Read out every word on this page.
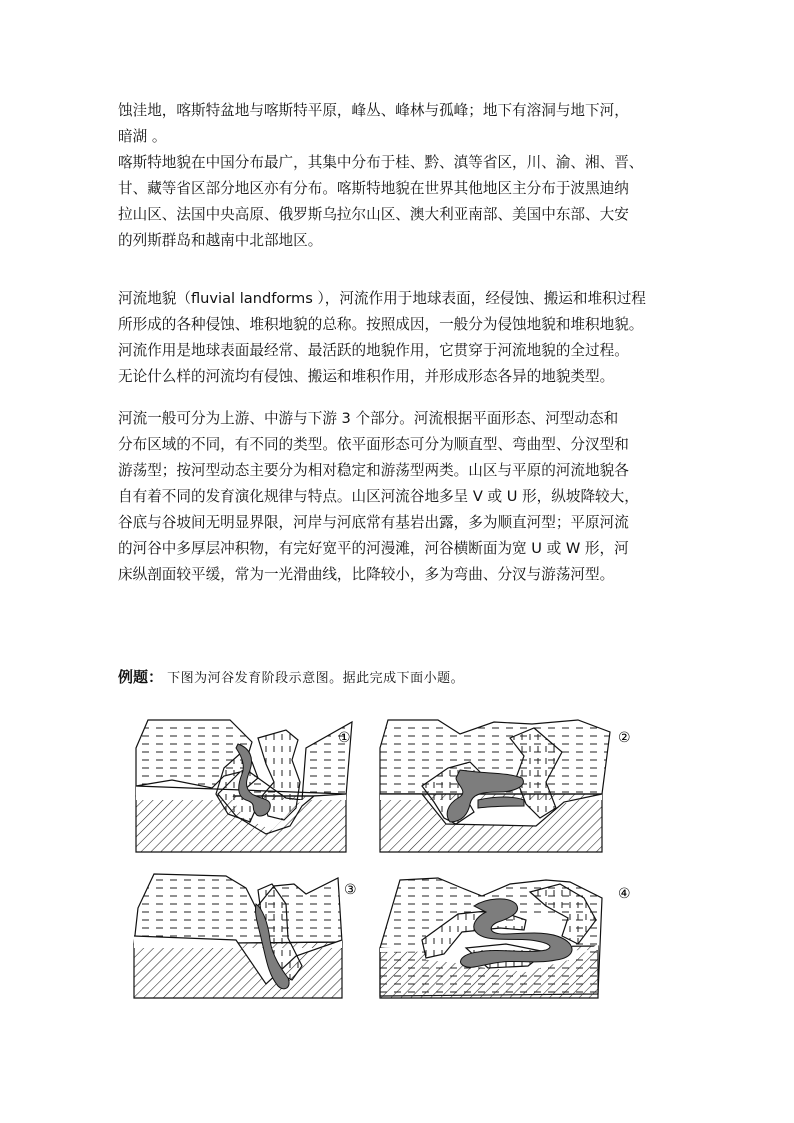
蚀洼地，喀斯特盆地与喀斯特平原，峰丛、峰林与孤峰；地下有溶洞与地下河，

暗湖 。

喀斯特地貌在中国分布最广，其集中分布于桂、黔、滇等省区，川、渝、湘、晋、

甘、藏等省区部分地区亦有分布。喀斯特地貌在世界其他地区主分布于波黑迪纳

拉山区、法国中央高原、俄罗斯乌拉尔山区、澳大利亚南部、美国中东部、大安

的列斯群岛和越南中北部地区。

河流地貌（fluvial landforms ），河流作用于地球表面，经侵蚀、搬运和堆积过程

所形成的各种侵蚀、堆积地貌的总称。按照成因，一般分为侵蚀地貌和堆积地貌。

河流作用是地球表面最经常、最活跃的地貌作用，它贯穿于河流地貌的全过程。

无论什么样的河流均有侵蚀、搬运和堆积作用，并形成形态各异的地貌类型。

河流一般可分为上游、中游与下游 3 个部分。河流根据平面形态、河型动态和

分布区域的不同，有不同的类型。依平面形态可分为顺直型、弯曲型、分汊型和

游荡型；按河型动态主要分为相对稳定和游荡型两类。山区与平原的河流地貌各

自有着不同的发育演化规律与特点。山区河流谷地多呈 V 或 U 形，纵坡降较大，

谷底与谷坡间无明显界限，河岸与河底常有基岩出露，多为顺直河型；平原河流

的河谷中多厚层冲积物，有完好宽平的河漫滩，河谷横断面为宽 U 或 W 形，河

床纵剖面较平缓，常为一光滑曲线，比降较小，多为弯曲、分汊与游荡河型。

例题： 下图为河谷发育阶段示意图。据此完成下面小题。
①	②
③	④
